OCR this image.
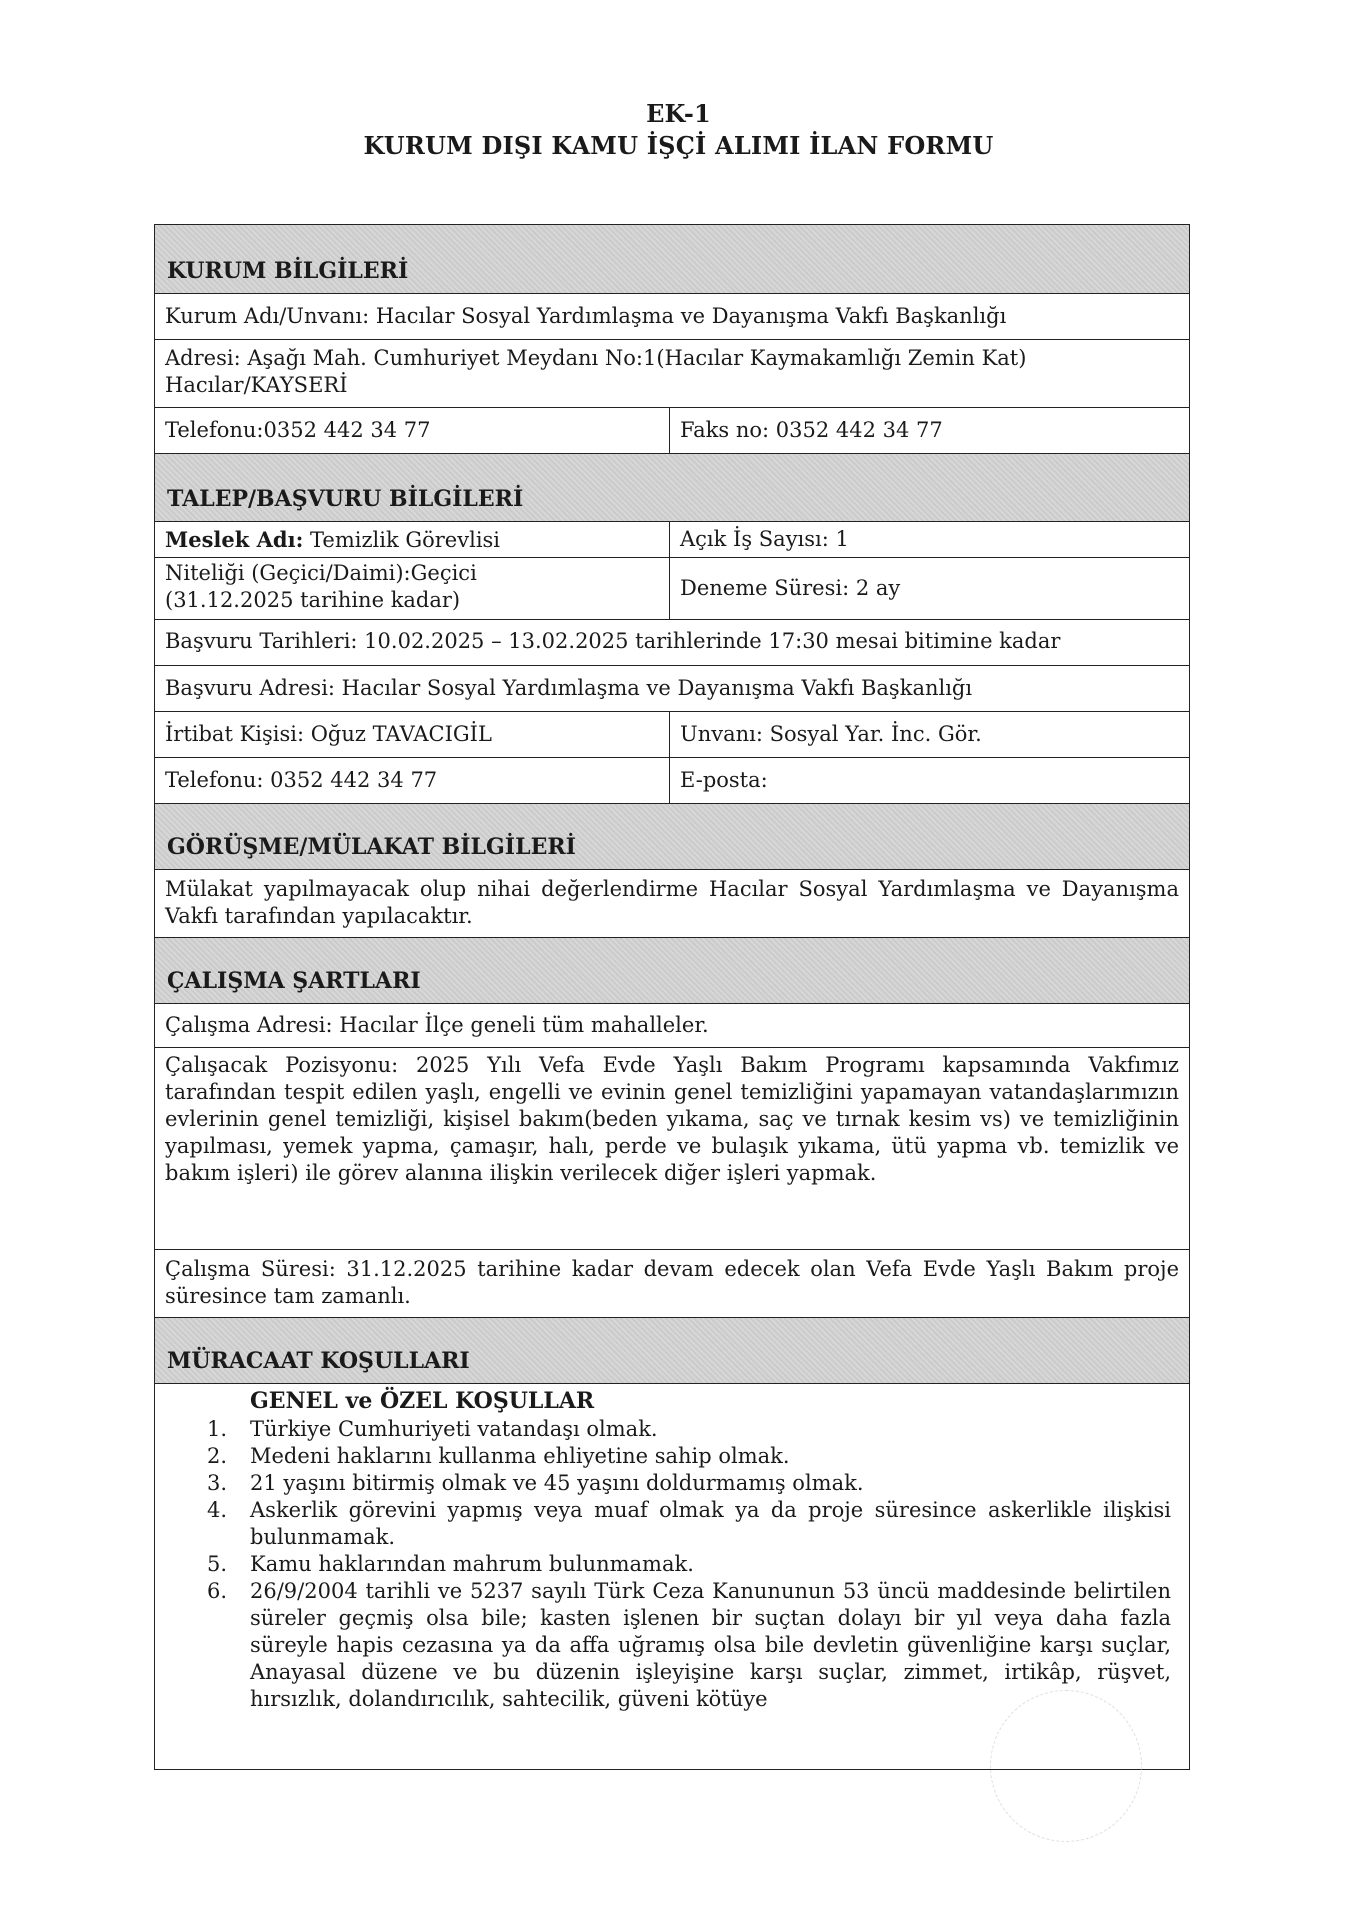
EK-1
KURUM DIŞI KAMU İŞÇİ ALIMI İLAN FORMU
KURUM BİLGİLERİ
Kurum Adı/Unvanı: Hacılar Sosyal Yardımlaşma ve Dayanışma Vakfı Başkanlığı
Adresi: Aşağı Mah. Cumhuriyet Meydanı No:1(Hacılar Kaymakamlığı Zemin Kat)
Hacılar/KAYSERİ
Telefonu:0352 442 34 77	Faks no: 0352 442 34 77
TALEP/BAŞVURU BİLGİLERİ
Meslek Adı: Temizlik Görevlisi	Açık İş Sayısı: 1
Niteliği (Geçici/Daimi):Geçici
(31.12.2025 tarihine kadar)	Deneme Süresi: 2 ay
Başvuru Tarihleri: 10.02.2025 – 13.02.2025 tarihlerinde 17:30 mesai bitimine kadar
Başvuru Adresi: Hacılar Sosyal Yardımlaşma ve Dayanışma Vakfı Başkanlığı
İrtibat Kişisi: Oğuz TAVACIGİL	Unvanı: Sosyal Yar. İnc. Gör.
Telefonu: 0352 442 34 77	E-posta:
GÖRÜŞME/MÜLAKAT BİLGİLERİ
Mülakat yapılmayacak olup nihai değerlendirme Hacılar Sosyal Yardımlaşma ve Dayanışma Vakfı tarafından yapılacaktır.
ÇALIŞMA ŞARTLARI
Çalışma Adresi: Hacılar İlçe geneli tüm mahalleler.
Çalışacak Pozisyonu: 2025 Yılı Vefa Evde Yaşlı Bakım Programı kapsamında Vakfımız tarafından tespit edilen yaşlı, engelli ve evinin genel temizliğini yapamayan vatandaşlarımızın evlerinin genel temizliği, kişisel bakım(beden yıkama, saç ve tırnak kesim vs) ve temizliğinin yapılması, yemek yapma, çamaşır, halı, perde ve bulaşık yıkama, ütü yapma vb. temizlik ve bakım işleri) ile görev alanına ilişkin verilecek diğer işleri yapmak.
Çalışma Süresi: 31.12.2025 tarihine kadar devam edecek olan Vefa Evde Yaşlı Bakım proje süresince tam zamanlı.
MÜRACAAT KOŞULLARI
GENEL ve ÖZEL KOŞULLAR
1. Türkiye Cumhuriyeti vatandaşı olmak.
2. Medeni haklarını kullanma ehliyetine sahip olmak.
3. 21 yaşını bitirmiş olmak ve 45 yaşını doldurmamış olmak.
4. Askerlik görevini yapmış veya muaf olmak ya da proje süresince askerlikle ilişkisi bulunmamak.
5. Kamu haklarından mahrum bulunmamak.
6. 26/9/2004 tarihli ve 5237 sayılı Türk Ceza Kanununun 53 üncü maddesinde belirtilen süreler geçmiş olsa bile; kasten işlenen bir suçtan dolayı bir yıl veya daha fazla süreyle hapis cezasına ya da affa uğramış olsa bile devletin güvenliğine karşı suçlar, Anayasal düzene ve bu düzenin işleyişine karşı suçlar, zimmet, irtikâp, rüşvet, hırsızlık, dolandırıcılık, sahtecilik, güveni kötüye
